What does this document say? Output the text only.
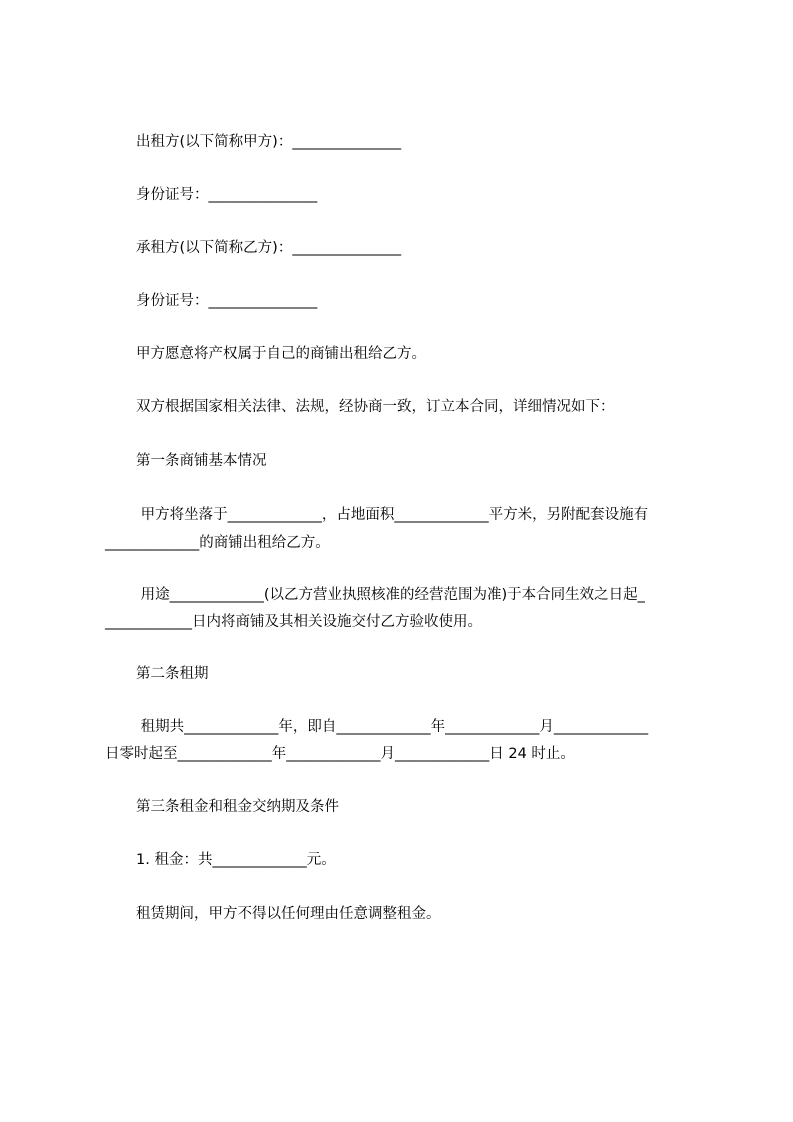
出租方(以下简称甲方)：_______________

身份证号：_______________

承租方(以下简称乙方)：_______________

身份证号：_______________

甲方愿意将产权属于自己的商铺出租给乙方。

双方根据国家相关法律、法规，经协商一致，订立本合同，详细情况如下：

第一条商铺基本情况

甲方将坐落于_____________，占地面积_____________平方米，另附配套设施有

_____________的商铺出租给乙方。

用途_____________(以乙方营业执照核准的经营范围为准)于本合同生效之日起_

____________日内将商铺及其相关设施交付乙方验收使用。

第二条租期

租期共_____________年，即自_____________年_____________月_____________

日零时起至_____________年_____________月_____________日 24 时止。

第三条租金和租金交纳期及条件

1. 租金：共_____________元。

租赁期间，甲方不得以任何理由任意调整租金。
